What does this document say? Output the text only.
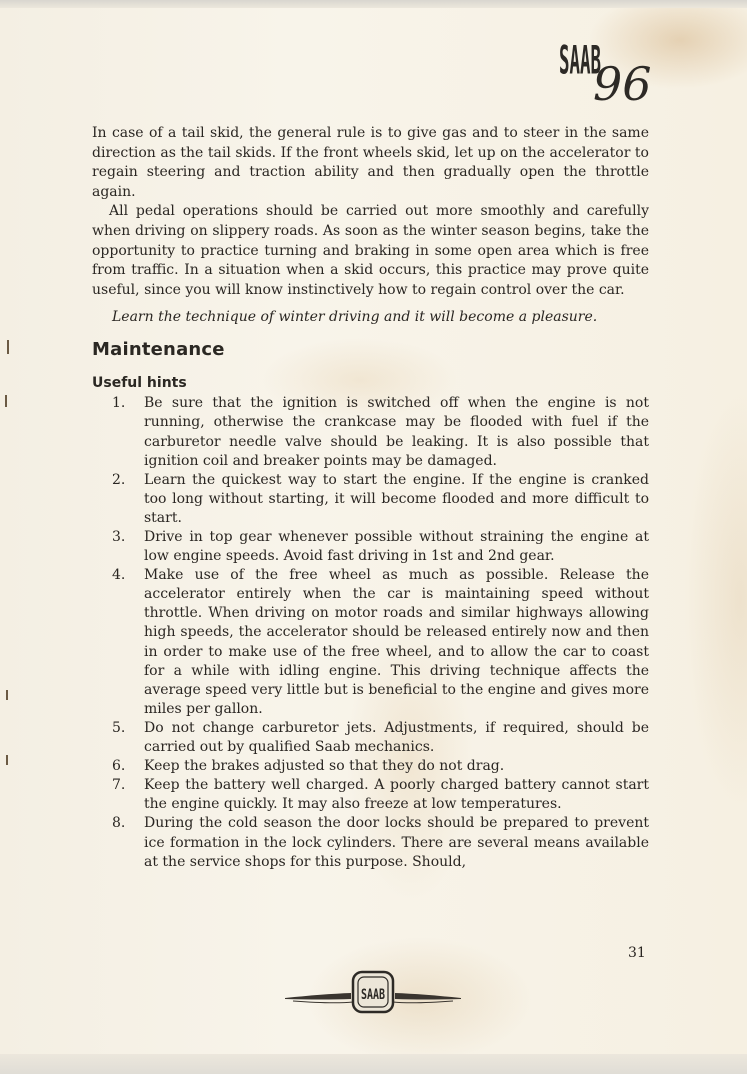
SAAB
96

In case of a tail skid, the general rule is to give gas and to steer in the same direction as the tail skids. If the front wheels skid, let up on the accelerator to regain steering and traction ability and then gradually open the throttle again.

All pedal operations should be carried out more smoothly and carefully when driving on slippery roads. As soon as the winter season begins, take the opportunity to practice turning and braking in some open area which is free from traffic. In a situation when a skid occurs, this practice may prove quite useful, since you will know instinctively how to regain control over the car.

Learn the technique of winter driving and it will become a pleasure.

Maintenance
Useful hints
1. Be sure that the ignition is switched off when the engine is not running, otherwise the crankcase may be flooded with fuel if the carburetor needle valve should be leaking. It is also possible that ignition coil and breaker points may be damaged.
2. Learn the quickest way to start the engine. If the engine is cranked too long without starting, it will become flooded and more difficult to start.
3. Drive in top gear whenever possible without straining the engine at low engine speeds. Avoid fast driving in 1st and 2nd gear.
4. Make use of the free wheel as much as possible. Release the accelerator entirely when the car is maintaining speed without throttle. When driving on motor roads and similar highways allowing high speeds, the accelerator should be released entirely now and then in order to make use of the free wheel, and to allow the car to coast for a while with idling engine. This driving technique affects the average speed very little but is beneficial to the engine and gives more miles per gallon.
5. Do not change carburetor jets. Adjustments, if required, should be carried out by qualified Saab mechanics.
6. Keep the brakes adjusted so that they do not drag.
7. Keep the battery well charged. A poorly charged battery cannot start the engine quickly. It may also freeze at low temperatures.
8. During the cold season the door locks should be prepared to prevent ice formation in the lock cylinders. There are several means available at the service shops for this purpose. Should,
31
SAAB
